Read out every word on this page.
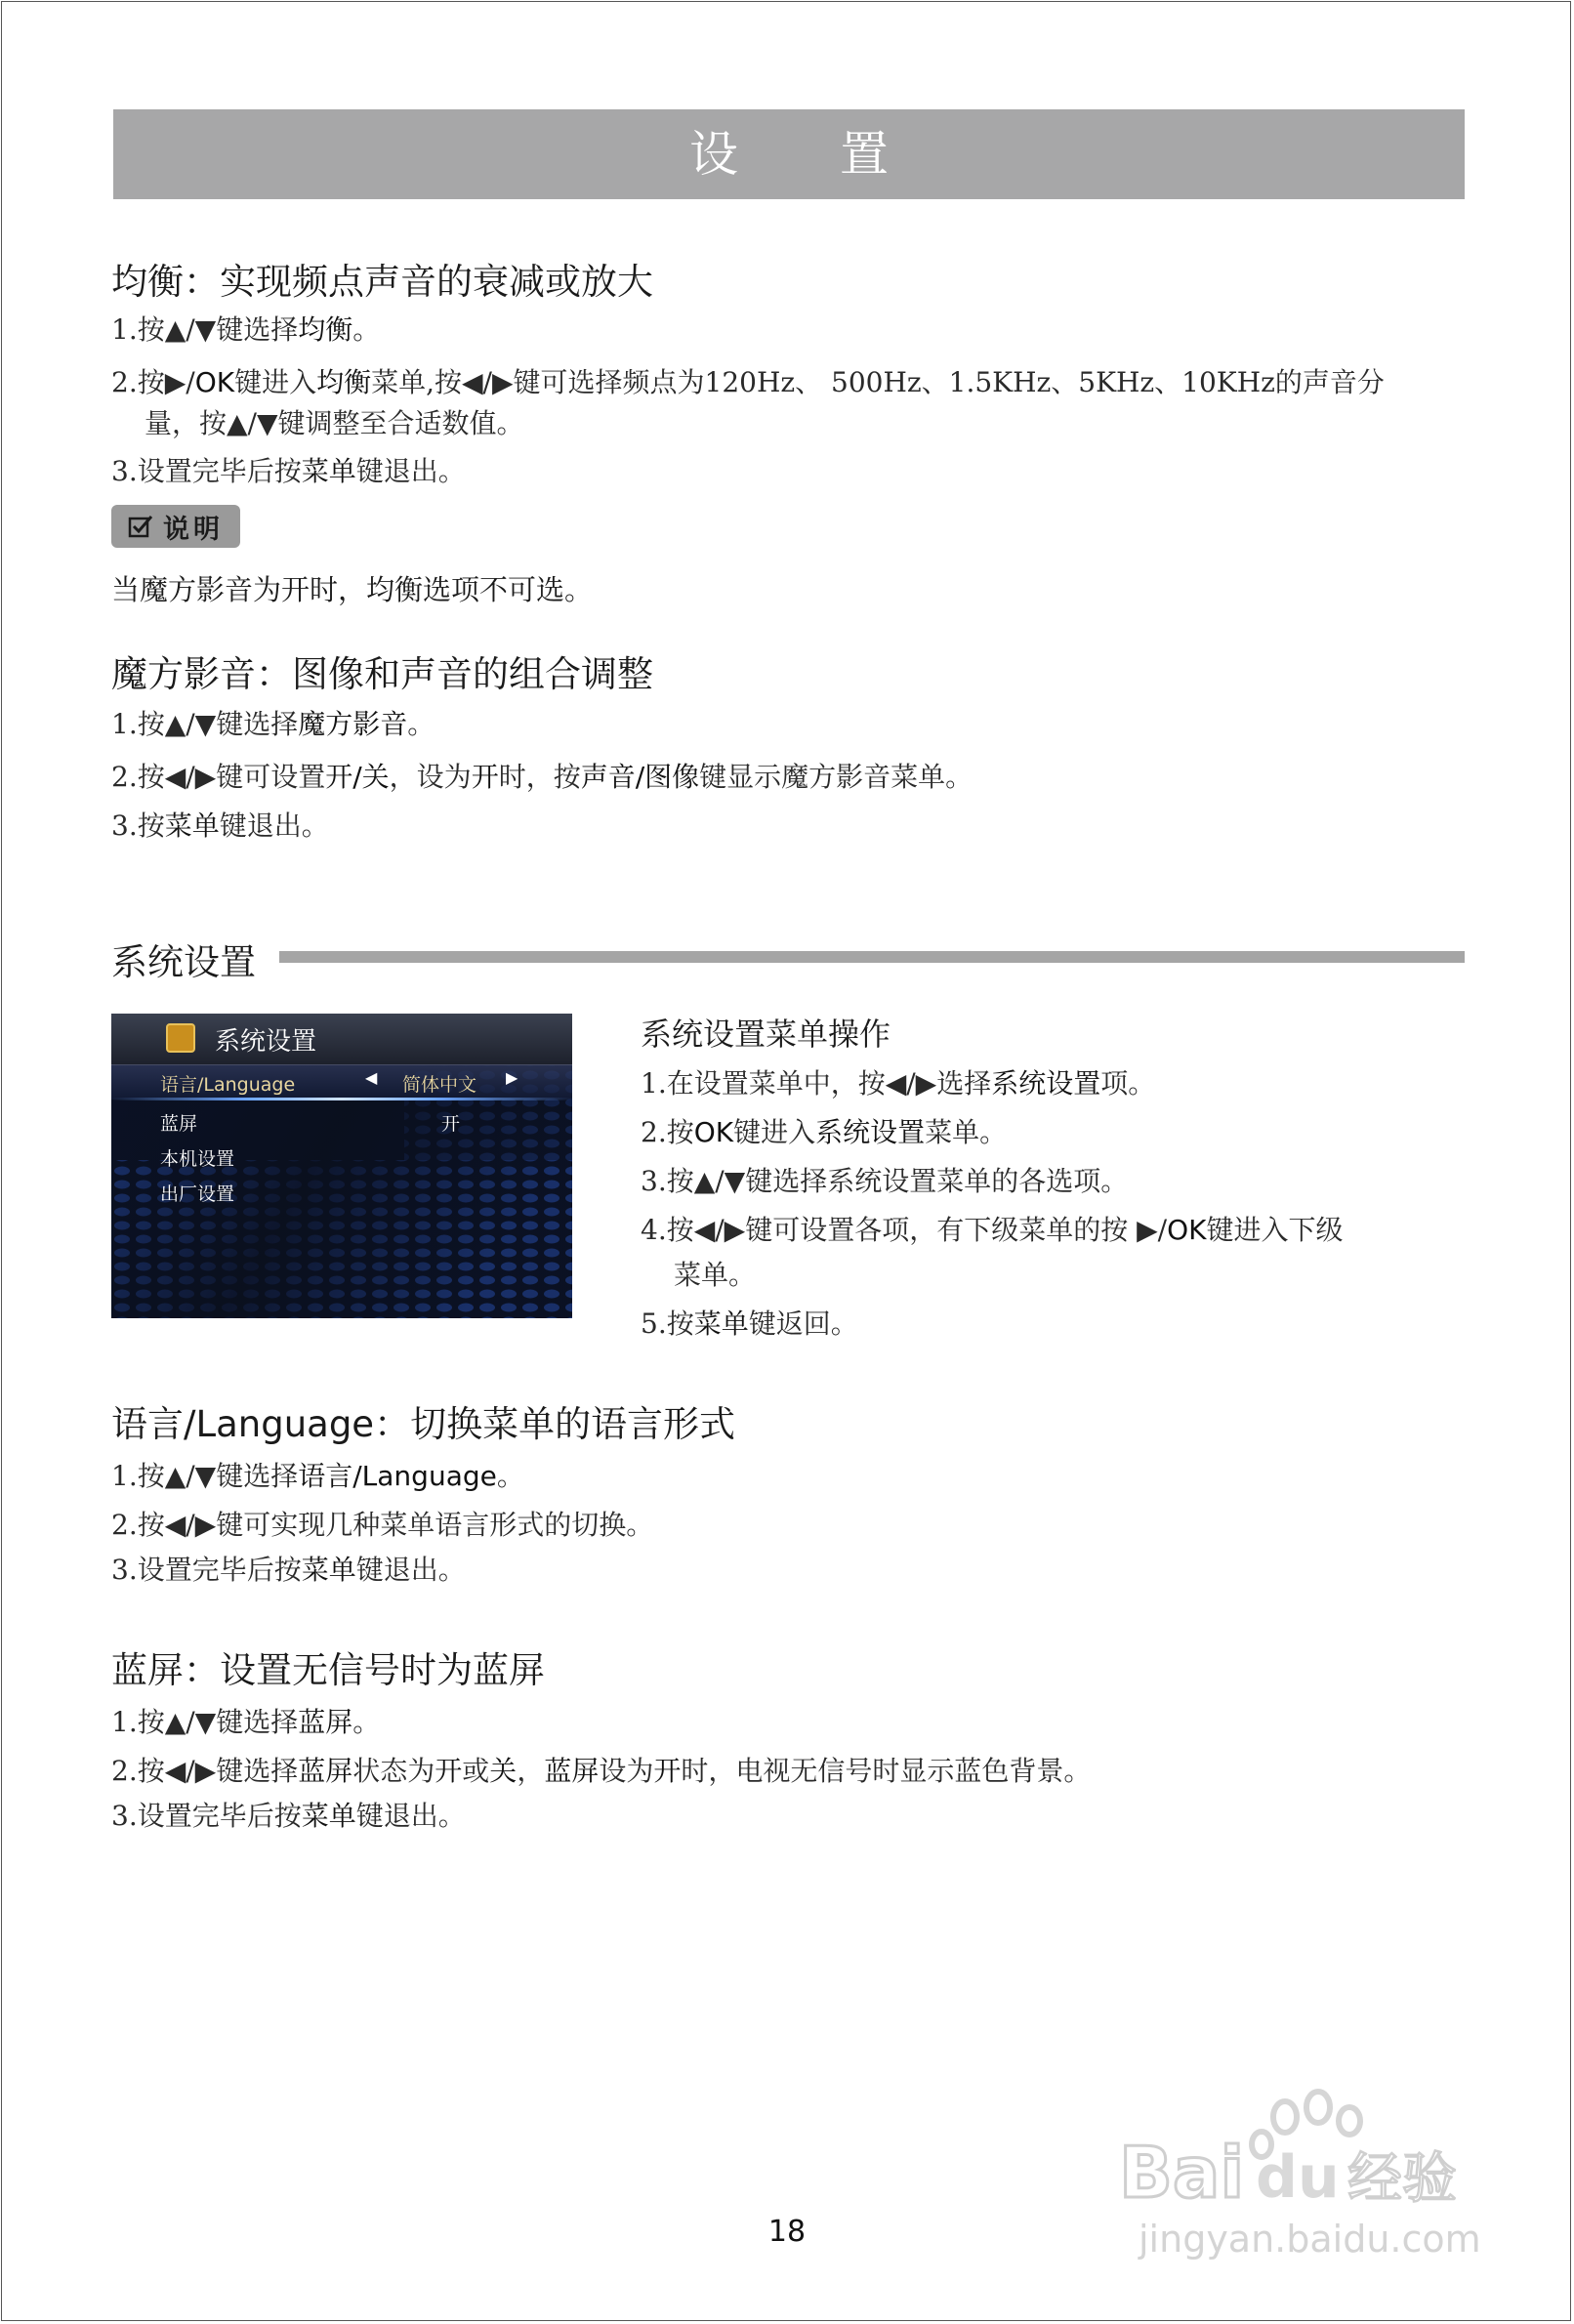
设 置
均衡：实现频点声音的衰减或放大
1.按▲/▼键选择均衡。
2.按▶/OK键进入均衡菜单,按◀/▶键可选择频点为120Hz、 500Hz、1.5KHz、5KHz、10KHz的声音分
量，按▲/▼键调整至合适数值。
3.设置完毕后按菜单键退出。
说明
当魔方影音为开时，均衡选项不可选。
魔方影音：图像和声音的组合调整
1.按▲/▼键选择魔方影音。
2.按◀/▶键可设置开/关，设为开时，按声音/图像键显示魔方影音菜单。
3.按菜单键退出。
系统设置
系统设置
语言/Language	◀ 简体中文 ▶
蓝屏	开
本机设置
出厂设置
系统设置菜单操作
1.在设置菜单中，按◀/▶选择系统设置项。
2.按OK键进入系统设置菜单。
3.按▲/▼键选择系统设置菜单的各选项。
4.按◀/▶键可设置各项，有下级菜单的按 ▶/OK键进入下级
菜单。
5.按菜单键返回。
语言/Language：切换菜单的语言形式
1.按▲/▼键选择语言/Language。
2.按◀/▶键可实现几种菜单语言形式的切换。
3.设置完毕后按菜单键退出。
蓝屏：设置无信号时为蓝屏
1.按▲/▼键选择蓝屏。
2.按◀/▶键选择蓝屏状态为开或关，蓝屏设为开时，电视无信号时显示蓝色背景。
3.设置完毕后按菜单键退出。
18
Bai du 经验
jingyan.baidu.com
